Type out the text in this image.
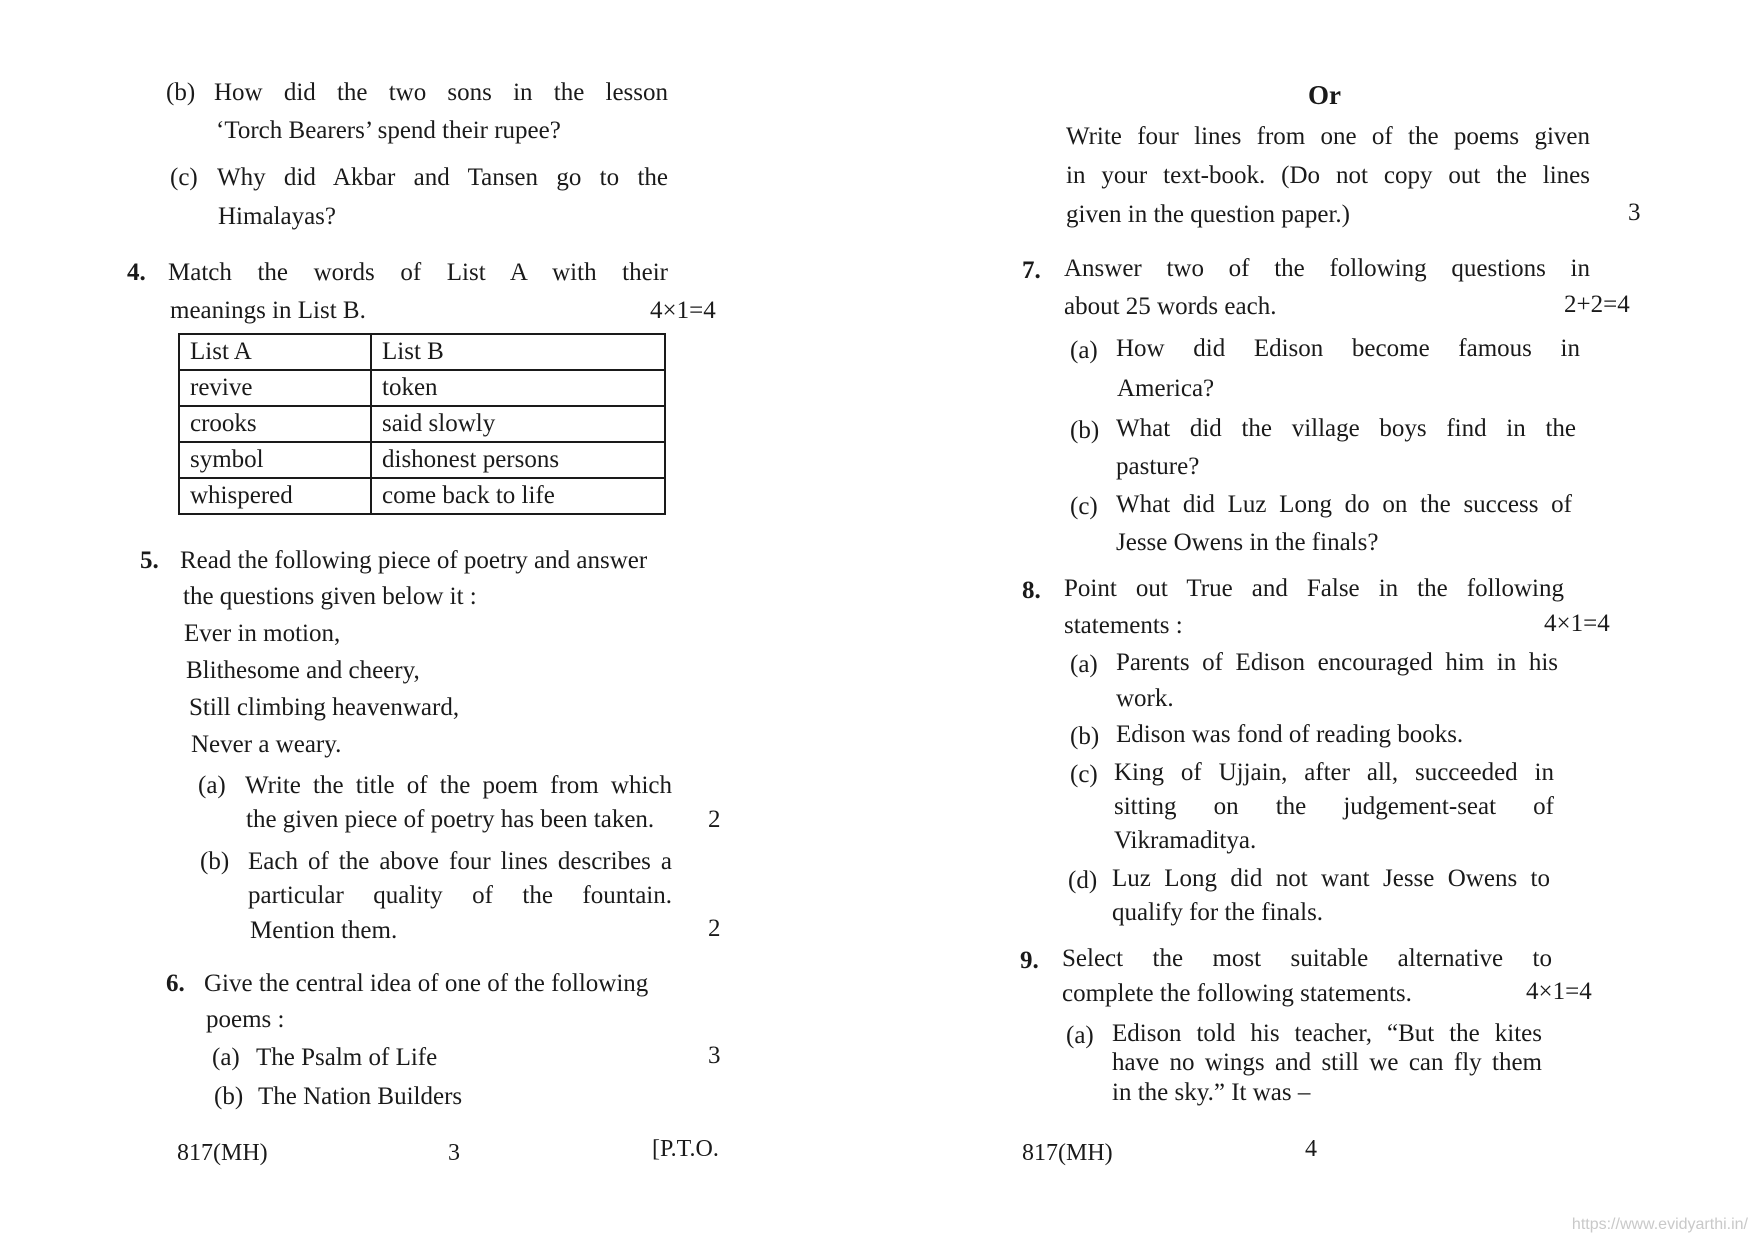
(b) How did the two sons in the lesson
‘Torch Bearers’ spend their rupee?
(c) Why did Akbar and Tansen go to the
Himalayas?
4. Match the words of List A with their
meanings in List B.	4×1=4
List A	List B
revive	token
crooks	said slowly
symbol	dishonest persons
whispered	come back to life
5. Read the following piece of poetry and answer
the questions given below it :
Ever in motion,
Blithesome and cheery,
Still climbing heavenward,
Never a weary.
(a) Write the title of the poem from which
the given piece of poetry has been taken. 2
(b) Each of the above four lines describes a
particular quality of the fountain.
Mention them.	2
6. Give the central idea of one of the following
poems :
(a) The Psalm of Life	3
(b) The Nation Builders
817(MH)	3	[P.T.O.
Or
Write four lines from one of the poems given
in your text-book. (Do not copy out the lines
given in the question paper.)	3
7. Answer two of the following questions in
about 25 words each.	2+2=4
(a) How did Edison become famous in
America?
(b) What did the village boys find in the
pasture?
(c) What did Luz Long do on the success of
Jesse Owens in the finals?
8. Point out True and False in the following
statements :	4×1=4
(a) Parents of Edison encouraged him in his
work.
(b) Edison was fond of reading books.
(c) King of Ujjain, after all, succeeded in
sitting on the judgement-seat of
Vikramaditya.
(d) Luz Long did not want Jesse Owens to
qualify for the finals.
9. Select the most suitable alternative to
complete the following statements.	4×1=4
(a) Edison told his teacher, “But the kites
have no wings and still we can fly them
in the sky.” It was –
817(MH)	4
https://www.evidyarthi.in/
